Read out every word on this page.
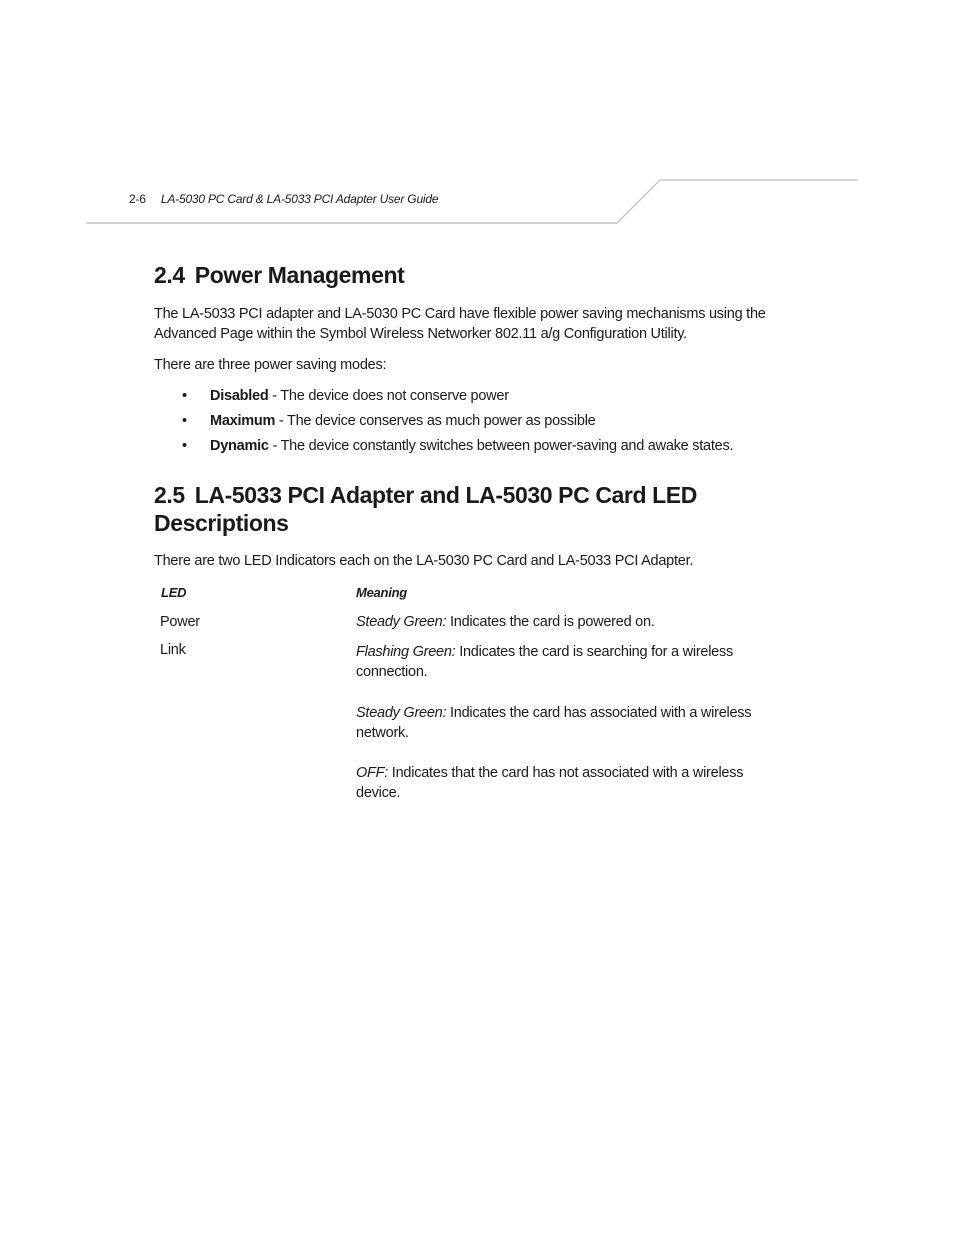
2-6 LA-5030 PC Card & LA-5033 PCI Adapter User Guide
2.4 Power Management

The LA-5033 PCI adapter and LA-5030 PC Card have flexible power saving mechanisms using the
Advanced Page within the Symbol Wireless Networker 802.11 a/g Configuration Utility.

There are three power saving modes:

• Disabled - The device does not conserve power
• Maximum - The device conserves as much power as possible
• Dynamic - The device constantly switches between power-saving and awake states.
2.5 LA-5033 PCI Adapter and LA-5030 PC Card LED
Descriptions

There are two LED Indicators each on the LA-5030 PC Card and LA-5033 PCI Adapter.

LED	Meaning
Power	Steady Green: Indicates the card is powered on.
Link	Flashing Green: Indicates the card is searching for a wireless
connection.
Steady Green: Indicates the card has associated with a wireless
network.
OFF: Indicates that the card has not associated with a wireless
device.
